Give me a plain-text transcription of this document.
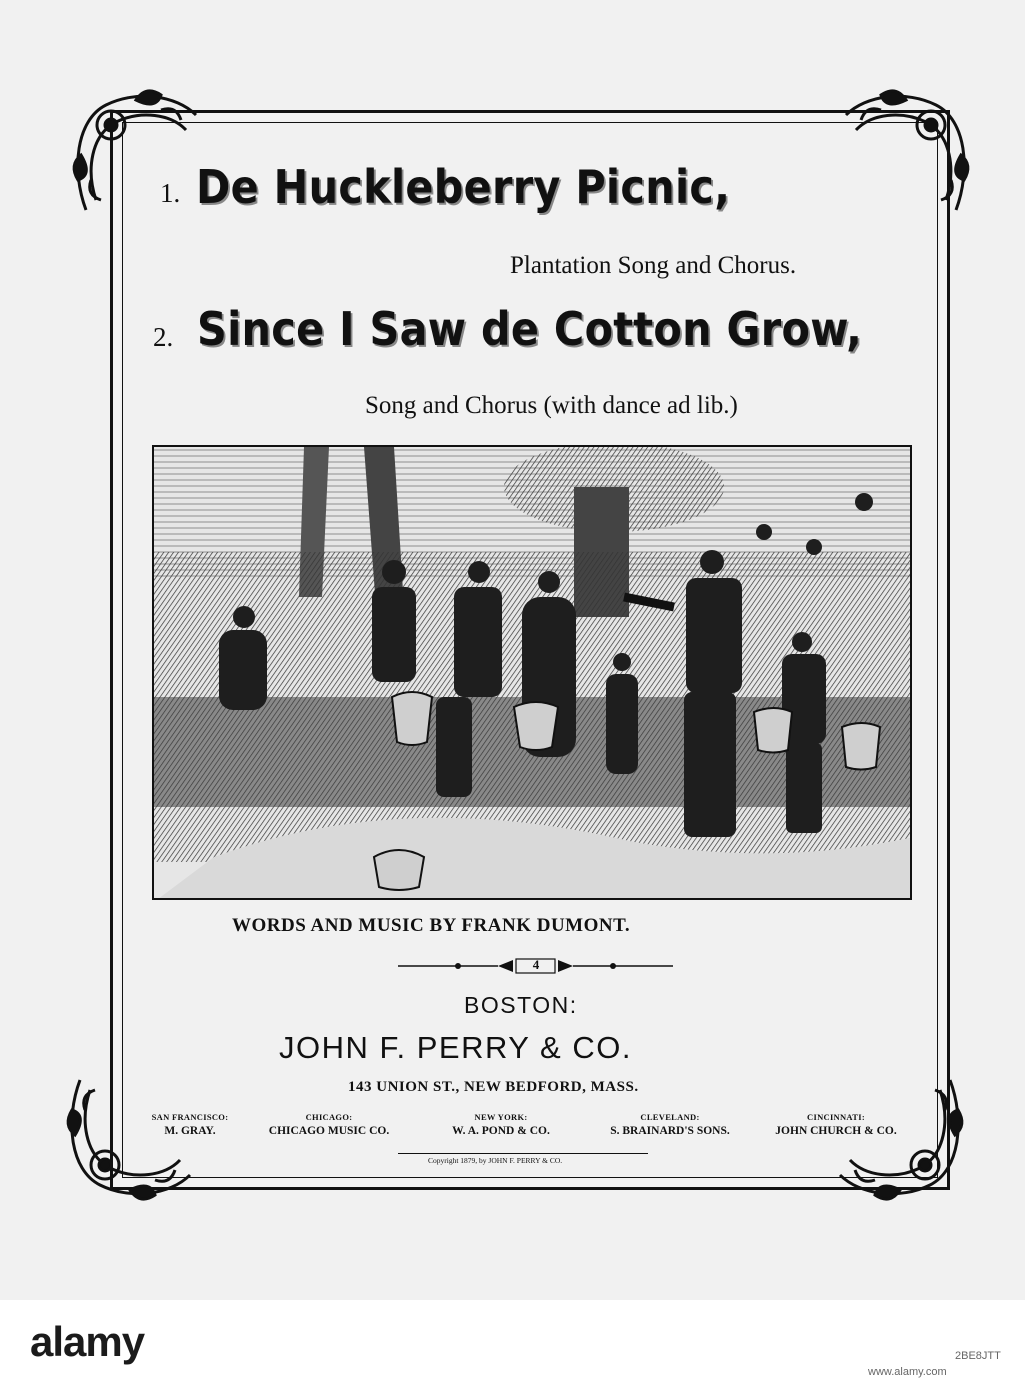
1. De Huckleberry Picnic,
Plantation Song and Chorus.
2. Since I Saw de Cotton Grow,
Song and Chorus (with dance ad lib.)
WORDS AND MUSIC BY FRANK DUMONT.
4
BOSTON:
JOHN F. PERRY & CO.
143 UNION ST., NEW BEDFORD, MASS.
SAN FRANCISCO:
M. GRAY.
CHICAGO:
CHICAGO MUSIC CO.
NEW YORK:
W. A. POND & CO.
CLEVELAND:
S. BRAINARD'S SONS.
CINCINNATI:
JOHN CHURCH & CO.
Copyright 1879, by JOHN F. PERRY & CO.
alamy	2BE8JTT
www.alamy.com
